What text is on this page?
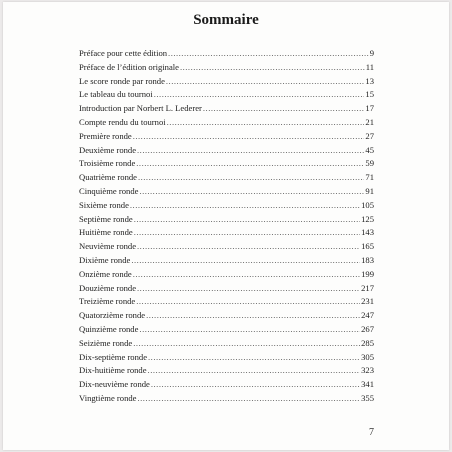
Sommaire
Préface pour cette édition .....	9
Préface de l’édition originale .....	11
Le score ronde par ronde .....	13
Le tableau du tournoi .....	15
Introduction par Norbert L. Lederer .....	17
Compte rendu du tournoi .....	21
Première ronde .....	27
Deuxième ronde .....	45
Troisième ronde .....	59
Quatrième ronde .....	71
Cinquième ronde .....	91
Sixième ronde .....	105
Septième ronde .....	125
Huitième ronde .....	143
Neuvième ronde .....	165
Dixième ronde .....	183
Onzième ronde .....	199
Douzième ronde .....	217
Treizième ronde .....	231
Quatorzième ronde .....	247
Quinzième ronde .....	267
Seizième ronde .....	285
Dix-septième ronde .....	305
Dix-huitième ronde .....	323
Dix-neuvième ronde .....	341
Vingtième ronde .....	355
7
